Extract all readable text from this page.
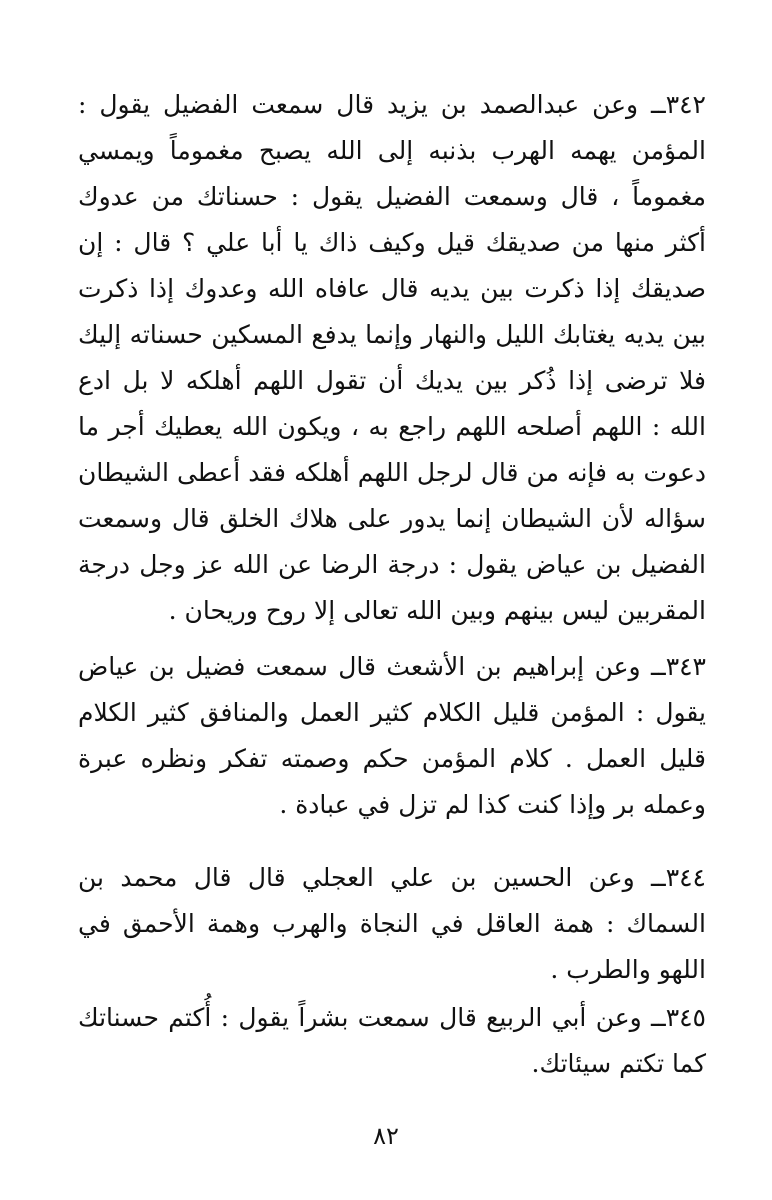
٣٤٢ــ وعن عبدالصمد بن يزيد قال سمعت الفضيل يقول : المؤمن يهمه الهرب بذنبه إلى الله يصبح مغموماً ويمسي مغموماً ، قال وسمعت الفضيل يقول : حسناتك من عدوك أكثر منها من صديقك قيل وكيف ذاك يا أبا علي ؟ قال : إن صديقك إذا ذكرت بين يديه قال عافاه الله وعدوك إذا ذكرت بين يديه يغتابك الليل والنهار وإنما يدفع المسكين حسناته إليك فلا ترضى إذا ذُكر بين يديك أن تقول اللهم أهلكه لا بل ادع الله : اللهم أصلحه اللهم راجع به ، ويكون الله يعطيك أجر ما دعوت به فإنه من قال لرجل اللهم أهلكه فقد أعطى الشيطان سؤاله لأن الشيطان إنما يدور على هلاك الخلق قال وسمعت الفضيل بن عياض يقول : درجة الرضا عن الله عز وجل درجة المقربين ليس بينهم وبين الله تعالى إلا روح وريحان .

٣٤٣ــ وعن إبراهيم بن الأشعث قال سمعت فضيل بن عياض يقول : المؤمن قليل الكلام كثير العمل والمنافق كثير الكلام قليل العمل . كلام المؤمن حكم وصمته تفكر ونظره عبرة وعمله بر وإذا كنت كذا لم تزل في عبادة .

٣٤٤ــ وعن الحسين بن علي العجلي قال قال محمد بن السماك : همة العاقل في النجاة والهرب وهمة الأحمق في اللهو والطرب .

٣٤٥ــ وعن أبي الربيع قال سمعت بشراً يقول : أُكتم حسناتك كما تكتم سيئاتك.

٨٢
